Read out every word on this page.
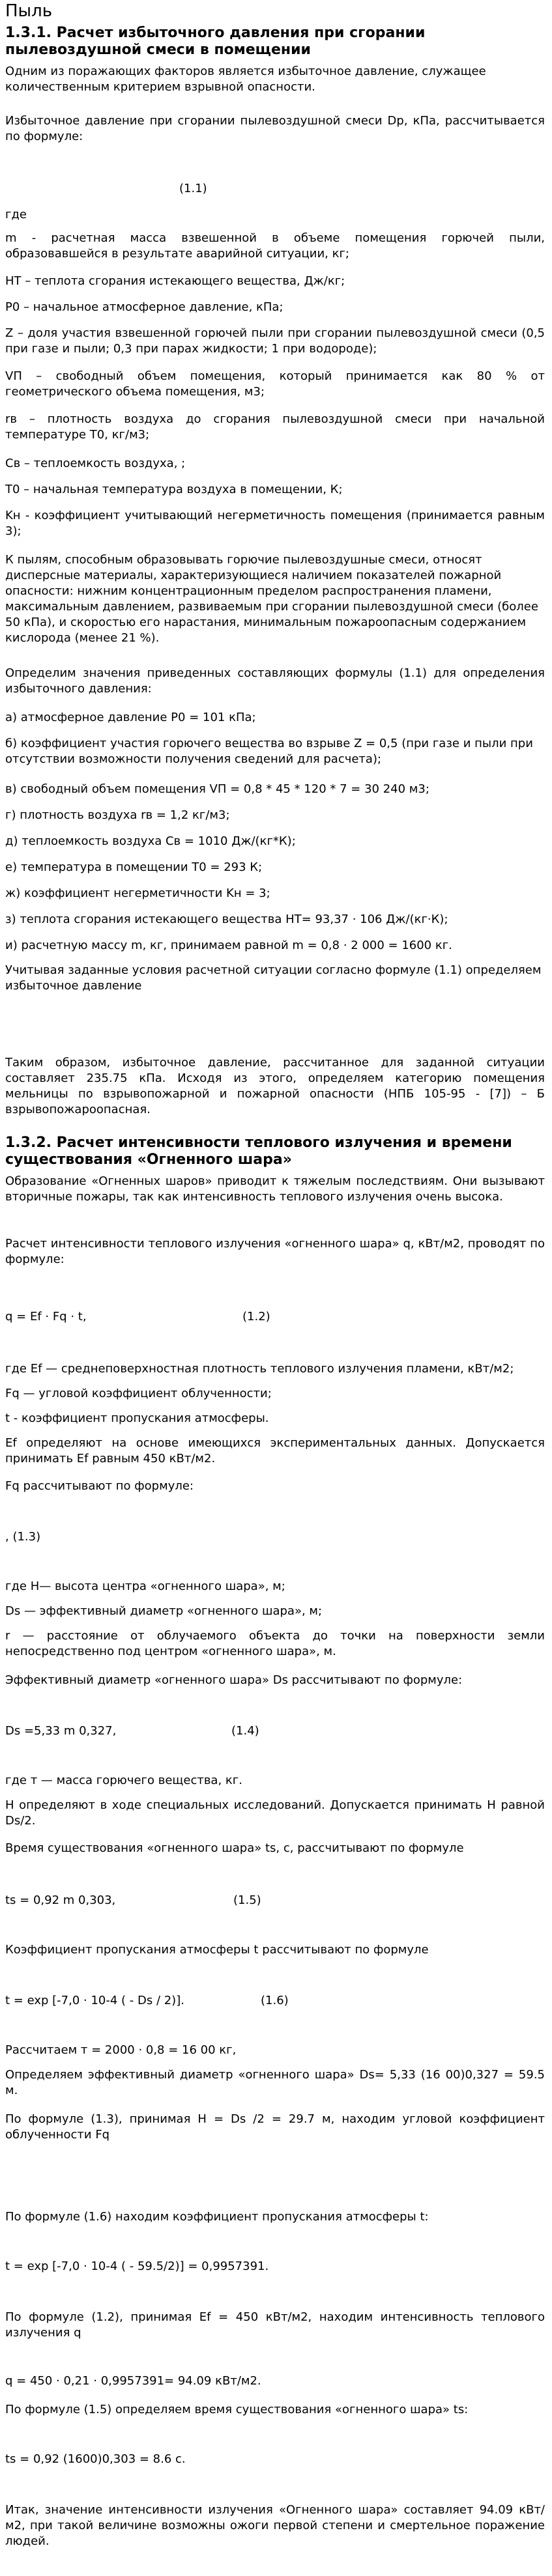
Пыль
1.3.1. Расчет избыточного давления при сгорании пылевоздушной смеси в помещении
Одним из поражающих факторов является избыточное давление, служащее количественным критерием взрывной опасности.
Избыточное давление при сгорании пылевоздушной смеси Dp, кПа, рассчитывается по формуле:
(1.1)
где
m - расчетная масса взвешенной в объеме помещения горючей пыли, образовавшейся в результате аварийной ситуации, кг;
HT – теплота сгорания истекающего вещества, Дж/кг;
P0 – начальное атмосферное давление, кПа;
Z – доля участия взвешенной горючей пыли при сгорании пылевоздушной смеси (0,5 при газе и пыли; 0,3 при парах жидкости; 1 при водороде);
VП – свободный объем помещения, который принимается как 80 % от геометрического объема помещения, м3;
rв – плотность воздуха до сгорания пылевоздушной смеси при начальной температуре T0, кг/м3;
Св – теплоемкость воздуха, ;
T0 – начальная температура воздуха в помещении, К;
Kн - коэффициент учитывающий негерметичность помещения (принимается равным 3);
К пылям, способным образовывать горючие пылевоздушные смеси, относят дисперсные материалы, характеризующиеся наличием показателей пожарной опасности: нижним концентрационным пределом распространения пламени, максимальным давлением, развиваемым при сгорании пылевоздушной смеси (более 50 кПа), и скоростью его нарастания, минимальным пожароопасным содержанием кислорода (менее 21 %).
Определим значения приведенных составляющих формулы (1.1) для определения избыточного давления:
а) атмосферное давление P0 = 101 кПа;
б) коэффициент участия горючего вещества во взрыве Z = 0,5 (при газе и пыли при отсутствии возможности получения сведений для расчета);
в) свободный объем помещения VП = 0,8 * 45 * 120 * 7 = 30 240 м3;
г) плотность воздуха rв = 1,2 кг/м3;
д) теплоемкость воздуха Св = 1010 Дж/(кг*К);
е) температура в помещении T0 = 293 К;
ж) коэффициент негерметичности Kн = 3;
з) теплота сгорания истекающего вещества HT= 93,37 · 106 Дж/(кг·К);
и) расчетную массу m, кг, принимаем равной m = 0,8 · 2 000 = 1600 кг.
Учитывая заданные условия расчетной ситуации согласно формуле (1.1) определяем избыточное давление
Таким образом, избыточное давление, рассчитанное для заданной ситуации составляет 235.75 кПа. Исходя из этого, определяем категорию помещения мельницы по взрывопожарной и пожарной опасности (НПБ 105-95 - [7]) – Б взрывопожароопасная.
1.3.2. Расчет интенсивности теплового излучения и времени существования «Огненного шара»
Образование «Огненных шаров» приводит к тяжелым последствиям. Они вызывают вторичные пожары, так как интенсивность теплового излучения очень высока.
Расчет интенсивности теплового излучения «огненного шара» q, кВт/м2, проводят по формуле:
q = Ef · Fq · t,	(1.2)
где Ef — среднеповерхностная плотность теплового излучения пламени, кВт/м2;
Fq — угловой коэффициент облученности;
t - коэффициент пропускания атмосферы.
Ef определяют на основе имеющихся экспериментальных данных. Допускается принимать Ef равным 450 кВт/м2.
Fq рассчитывают по формуле:
, (1.3)
где H— высота центра «огненного шара», м;
Ds — эффективный диаметр «огненного шара», м;
r — расстояние от облучаемого объекта до точки на поверхности земли непосредственно под центром «огненного шара», м.
Эффективный диаметр «огненного шара» Ds рассчитывают по формуле:
Ds =5,33 m 0,327,	(1.4)
где т — масса горючего вещества, кг.
H определяют в ходе специальных исследований. Допускается принимать H равной Ds/2.
Время существования «огненного шара» ts, c, рассчитывают по формуле
ts = 0,92 m 0,303,	(1.5)
Коэффициент пропускания атмосферы t рассчитывают по формуле
t = exp [-7,0 · 10-4 ( - Ds / 2)].	(1.6)
Рассчитаем т = 2000 · 0,8 = 16 00 кг,
Определяем эффективный диаметр «огненного шара» Ds= 5,33 (16 00)0,327 = 59.5 м.
По формуле (1.3), принимая H = Ds /2 = 29.7 м, находим угловой коэффициент облученности Fq
По формуле (1.6) находим коэффициент пропускания атмосферы t:
t = exp [-7,0 · 10-4 ( - 59.5/2)] = 0,9957391.
По формуле (1.2), принимая Ef = 450 кВт/м2, находим интенсивность теплового излучения q
q = 450 · 0,21 · 0,9957391= 94.09 кВт/м2.
По формуле (1.5) определяем время существования «огненного шара» ts:
ts = 0,92 (1600)0,303 = 8.6 c.
Итак, значение интенсивности излучения «Огненного шара» составляет 94.09 кВт/м2, при такой величине возможны ожоги первой степени и смертельное поражение людей.
